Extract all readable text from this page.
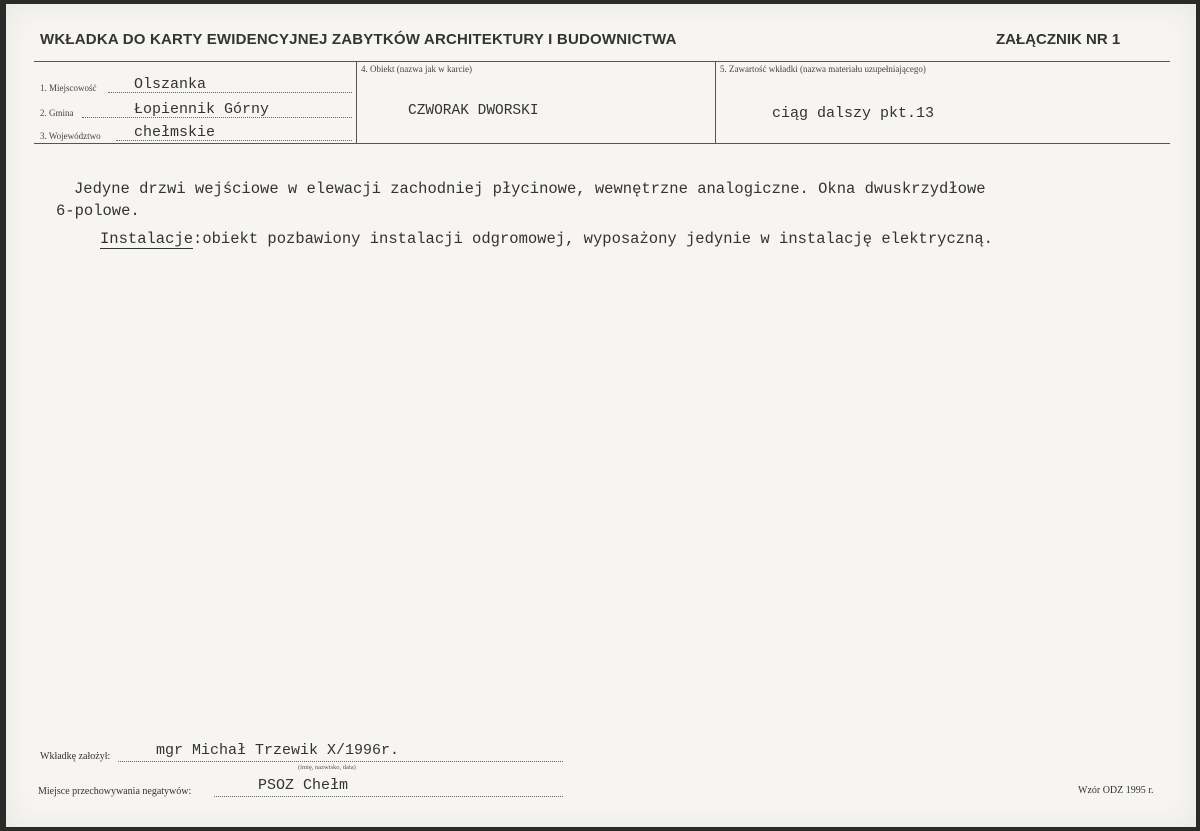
WKŁADKA DO KARTY EWIDENCYJNEJ ZABYTKÓW ARCHITEKTURY I BUDOWNICTWA	ZAŁĄCZNIK NR 1
1. Miejscowość	Olszanka
2. Gmina	Łopiennik Górny
3. Województwo chełmskie
4. Obiekt (nazwa jak w karcie)
CZWORAK DWORSKI
5. Zawartość wkładki (nazwa materiału uzupełniającego)
ciąg dalszy pkt.13
Jedyne drzwi wejściowe w elewacji zachodniej płycinowe, wewnętrzne analogiczne. Okna dwuskrzydłowe
6-polowe.
Instalacje:obiekt pozbawiony instalacji odgromowej, wyposażony jedynie w instalację elektryczną.
Wkładkę założył:	mgr Michał Trzewik X/1996r.
(imię, nazwisko, data)
Miejsce przechowywania negatywów:	PSOZ Chełm	Wzór ODZ 1995 r.
